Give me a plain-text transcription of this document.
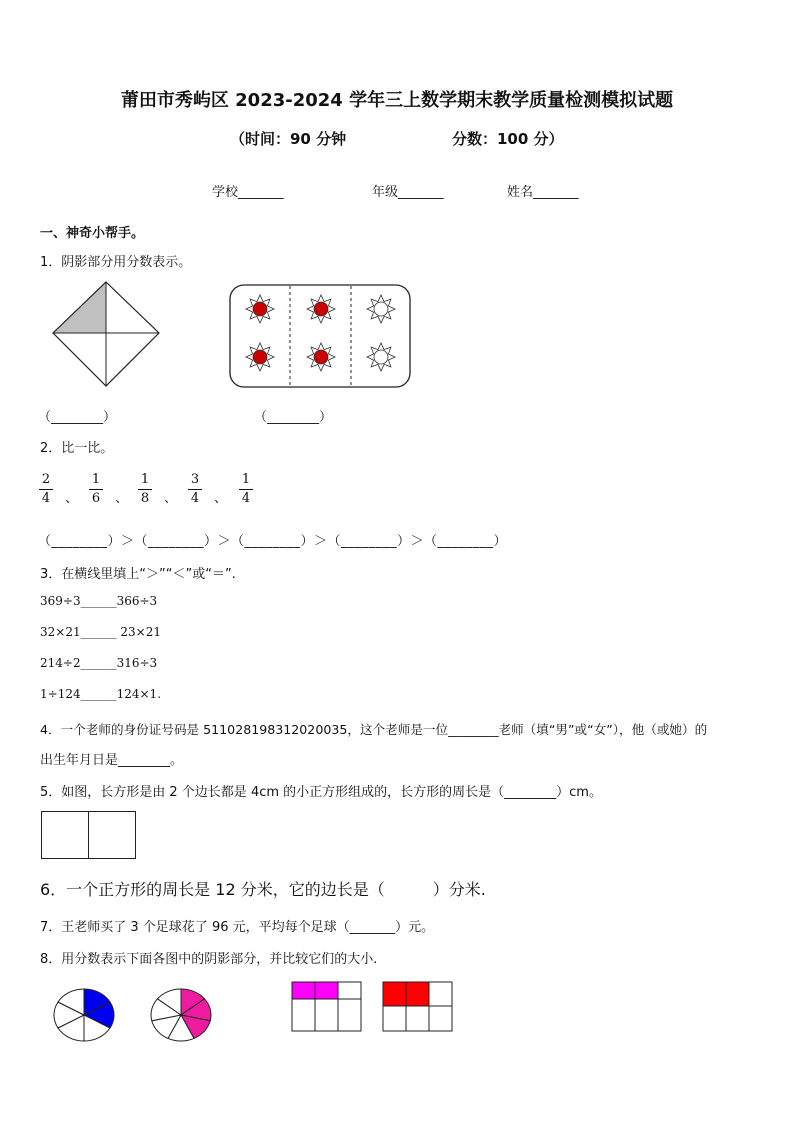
莆田市秀屿区 2023-2024 学年三上数学期末教学质量检测模拟试题
（时间：90 分钟	分数：100 分）
学校_______	年级_______	姓名_______
一、神奇小帮手。
1．阴影部分用分数表示。
（________）	（________）
2．比一比。
2
4	、
1
6	、
1
8	、
3
4	、
1
4
（________）＞（________）＞（________）＞（________）＞（________）
3．在横线里填上“＞”“＜”或“＝”.
369÷3______366÷3
32×21______ 23×21
214÷2______316÷3
1÷124______124×1.
4．一个老师的身份证号码是 511028198312020035，这个老师是一位________老师（填“男”或“女”），他（或她）的
出生年月日是________。
5．如图，长方形是由 2 个边长都是 4cm 的小正方形组成的，长方形的周长是（________）cm。
6．一个正方形的周长是 12 分米，它的边长是（　　　）分米.
7．王老师买了 3 个足球花了 96 元，平均每个足球（_______）元。
8．用分数表示下面各图中的阴影部分，并比较它们的大小.
